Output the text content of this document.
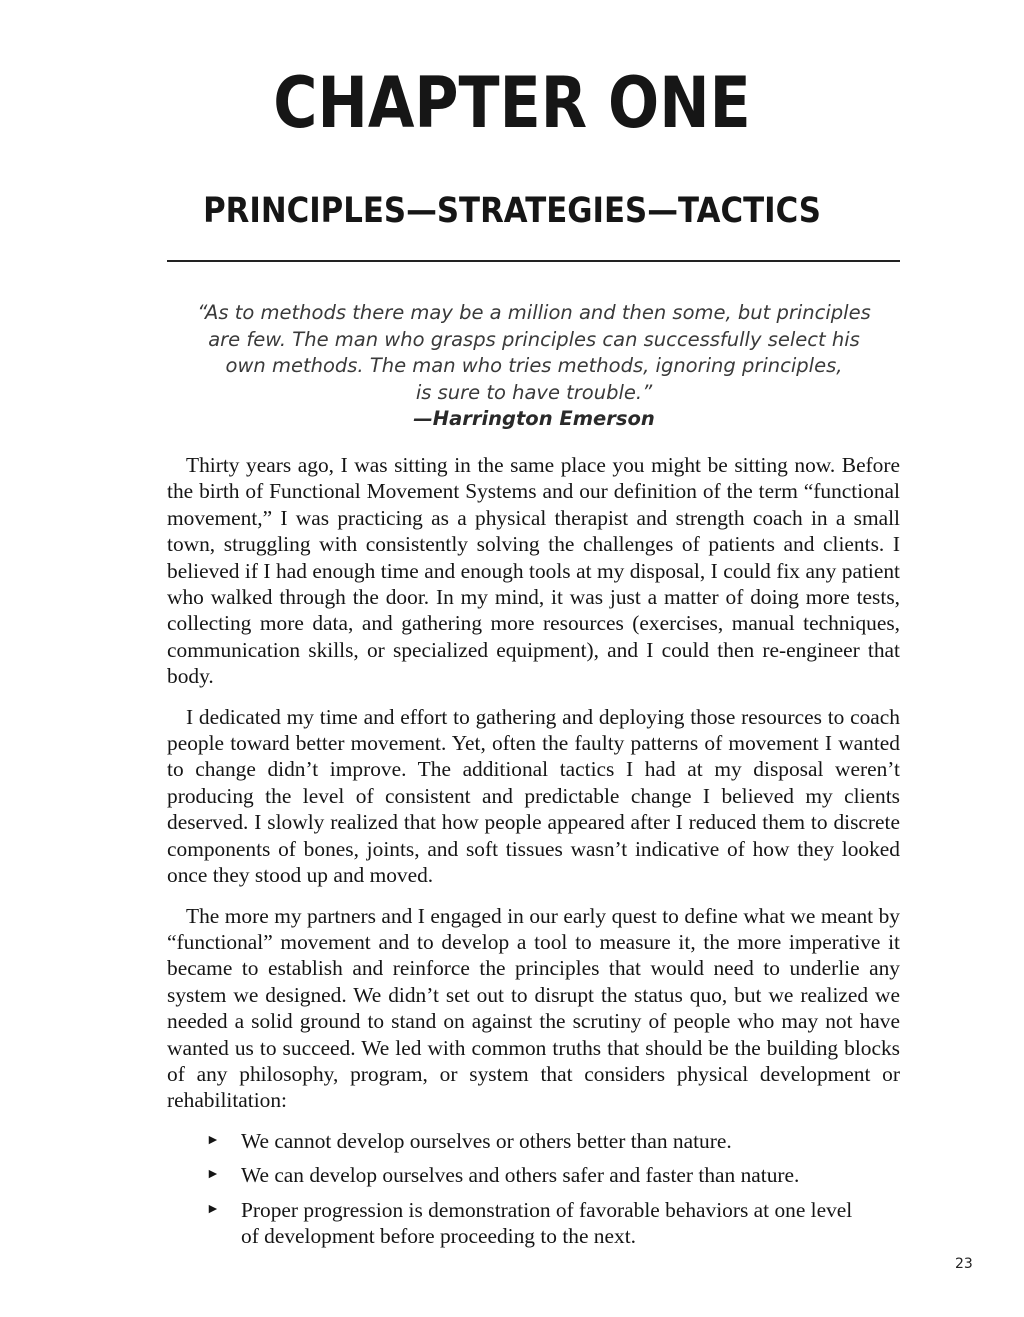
CHAPTER ONE
PRINCIPLES—STRATEGIES—TACTICS
“As to methods there may be a million and then some, but principles
are few. The man who grasps principles can successfully select his
own methods. The man who tries methods, ignoring principles,
is sure to have trouble.”
—Harrington Emerson

Thirty years ago, I was sitting in the same place you might be sitting now. Before the birth of Functional Movement Systems and our definition of the term “functional movement,” I was practicing as a physical therapist and strength coach in a small town, struggling with consistently solving the challenges of patients and clients. I believed if I had enough time and enough tools at my disposal, I could fix any patient who walked through the door. In my mind, it was just a matter of doing more tests, collecting more data, and gathering more resources (exercises, manual techniques, communication skills, or specialized equipment), and I could then re-engineer that body.

I dedicated my time and effort to gathering and deploying those resources to coach people toward better movement. Yet, often the faulty patterns of movement I wanted to change didn’t improve. The additional tactics I had at my disposal weren’t producing the level of consistent and predictable change I believed my clients deserved. I slowly realized that how people appeared after I reduced them to discrete components of bones, joints, and soft tissues wasn’t indicative of how they looked once they stood up and moved.

The more my partners and I engaged in our early quest to define what we meant by “functional” movement and to develop a tool to measure it, the more imperative it became to establish and reinforce the principles that would need to underlie any system we designed. We didn’t set out to disrupt the status quo, but we realized we needed a solid ground to stand on against the scrutiny of people who may not have wanted us to succeed. We led with common truths that should be the building blocks of any philosophy, program, or system that considers physical development or rehabilitation:

► We cannot develop ourselves or others better than nature.
► We can develop ourselves and others safer and faster than nature.
► Proper progression is demonstration of favorable behaviors at one level of development before proceeding to the next.
23
